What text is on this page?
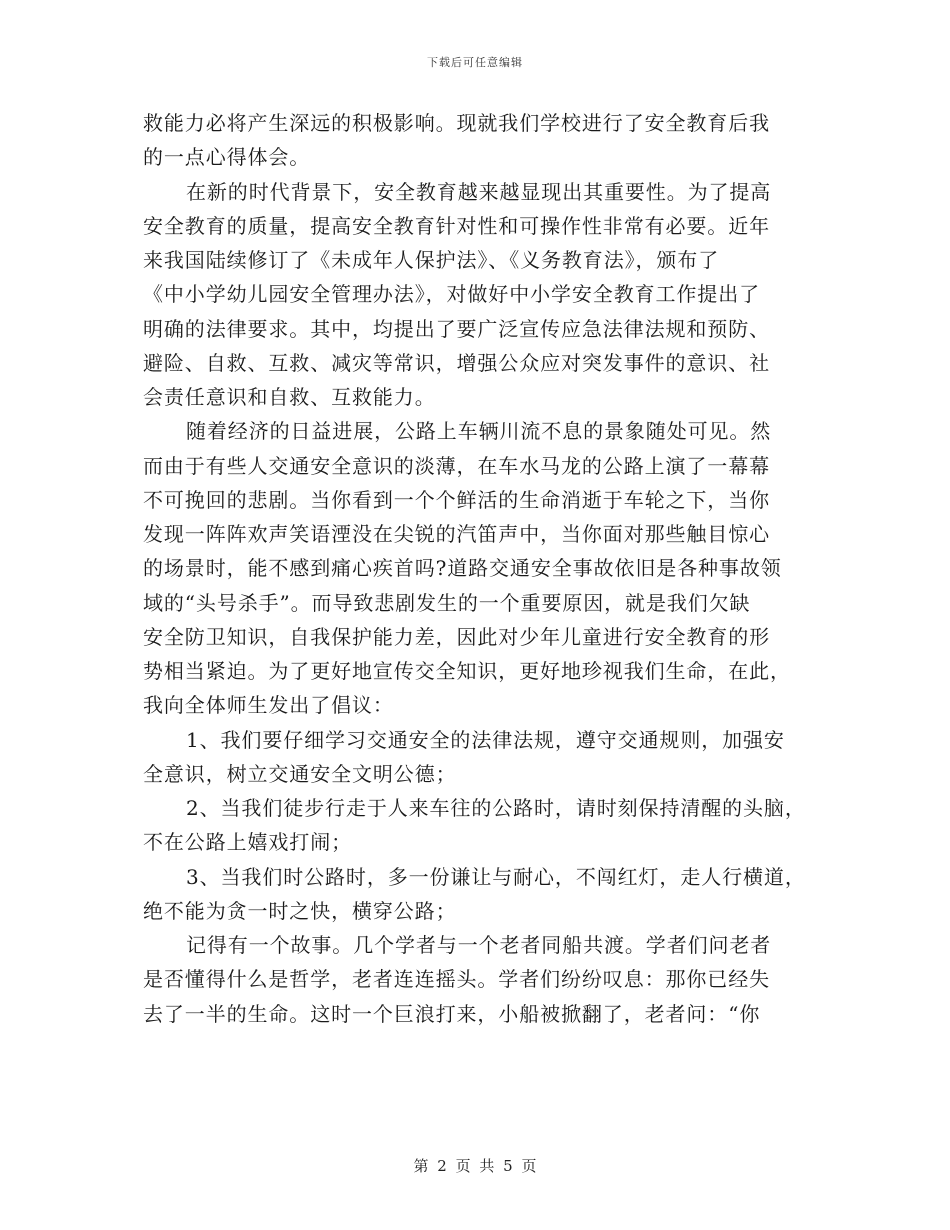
下载后可任意编辑
救能力必将产生深远的积极影响。现就我们学校进行了安全教育后我
的一点心得体会。
在新的时代背景下，安全教育越来越显现出其重要性。为了提高
安全教育的质量，提高安全教育针对性和可操作性非常有必要。近年
来我国陆续修订了《未成年人保护法》、《义务教育法》，颁布了
《中小学幼儿园安全管理办法》，对做好中小学安全教育工作提出了
明确的法律要求。其中，均提出了要广泛宣传应急法律法规和预防、
避险、自救、互救、减灾等常识，增强公众应对突发事件的意识、社
会责任意识和自救、互救能力。
随着经济的日益进展，公路上车辆川流不息的景象随处可见。然
而由于有些人交通安全意识的淡薄，在车水马龙的公路上演了一幕幕
不可挽回的悲剧。当你看到一个个鲜活的生命消逝于车轮之下，当你
发现一阵阵欢声笑语湮没在尖锐的汽笛声中，当你面对那些触目惊心
的场景时，能不感到痛心疾首吗?道路交通安全事故依旧是各种事故领
域的“头号杀手”。而导致悲剧发生的一个重要原因，就是我们欠缺
安全防卫知识，自我保护能力差，因此对少年儿童进行安全教育的形
势相当紧迫。为了更好地宣传交全知识，更好地珍视我们生命，在此，
我向全体师生发出了倡议：
1、我们要仔细学习交通安全的法律法规，遵守交通规则，加强安
全意识，树立交通安全文明公德；
2、当我们徒步行走于人来车往的公路时，请时刻保持清醒的头脑，
不在公路上嬉戏打闹；
3、当我们时公路时，多一份谦让与耐心，不闯红灯，走人行横道，
绝不能为贪一时之快，横穿公路；
记得有一个故事。几个学者与一个老者同船共渡。学者们问老者
是否懂得什么是哲学，老者连连摇头。学者们纷纷叹息：那你已经失
去了一半的生命。这时一个巨浪打来，小船被掀翻了，老者问：“你
第 2 页 共 5 页
